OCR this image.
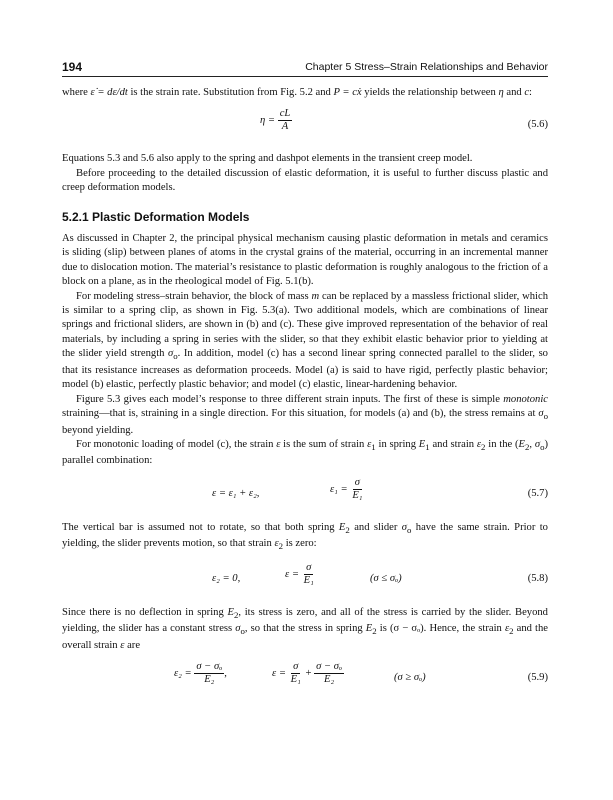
194	Chapter 5 Stress–Strain Relationships and Behavior

where ε̇ = dε/dt is the strain rate. Substitution from Fig. 5.2 and P = cẋ yields the relationship between η and c:

$\eta = \frac{cL}{A}$	(5.6)

Equations 5.3 and 5.6 also apply to the spring and dashpot elements in the transient creep model.

Before proceeding to the detailed discussion of elastic deformation, it is useful to further discuss plastic and creep deformation models.

5.2.1 Plastic Deformation Models

As discussed in Chapter 2, the principal physical mechanism causing plastic deformation in metals and ceramics is sliding (slip) between planes of atoms in the crystal grains of the material, occurring in an incremental manner due to dislocation motion. The material’s resistance to plastic deformation is roughly analogous to the friction of a block on a plane, as in the rheological model of Fig. 5.1(b).

For modeling stress–strain behavior, the block of mass m can be replaced by a massless frictional slider, which is similar to a spring clip, as shown in Fig. 5.3(a). Two additional models, which are combinations of linear springs and frictional sliders, are shown in (b) and (c). These give improved representation of the behavior of real materials, by including a spring in series with the slider, so that they exhibit elastic behavior prior to yielding at the slider yield strength $\sigma_o$. In addition, model (c) has a second linear spring connected parallel to the slider, so that its resistance increases as deformation proceeds. Model (a) is said to have rigid, perfectly plastic behavior; model (b) elastic, perfectly plastic behavior; and model (c) elastic, linear-hardening behavior.

Figure 5.3 gives each model’s response to three different strain inputs. The first of these is simple monotonic straining—that is, straining in a single direction. For this situation, for models (a) and (b), the stress remains at $\sigma_o$ beyond yielding.

For monotonic loading of model (c), the strain ε is the sum of strain $\varepsilon_1$ in spring $E_1$ and strain $\varepsilon_2$ in the ($E_2$, $\sigma_o$) parallel combination:

ε = ε₁ + ε₂,	$\varepsilon_1 = \frac{\sigma}{\text{E₁}}$	(5.7)

The vertical bar is assumed not to rotate, so that both spring $E_2$ and slider $\sigma_o$ have the same strain. Prior to yielding, the slider prevents motion, so that strain $\varepsilon_2$ is zero:

ε₂ = 0,	$\varepsilon = \frac{\sigma}{\text{E₁}}$	(σ ≤ σₒ)	(5.8)

Since there is no deflection in spring $E_2$, its stress is zero, and all of the stress is carried by the slider. Beyond yielding, the slider has a constant stress $\sigma_o$, so that the stress in spring $E_2$ is (σ − σₒ). Hence, the strain $\varepsilon_2$ and the overall strain ε are

$\varepsilon_2 = \frac{\text{σ − σₒ}}{\text{E₂}}$ ,	$\varepsilon = \frac{\sigma}{\text{E₁}} + \frac{\text{σ − σₒ}}{\text{E₂}}$	(σ ≥ σₒ)	(5.9)
